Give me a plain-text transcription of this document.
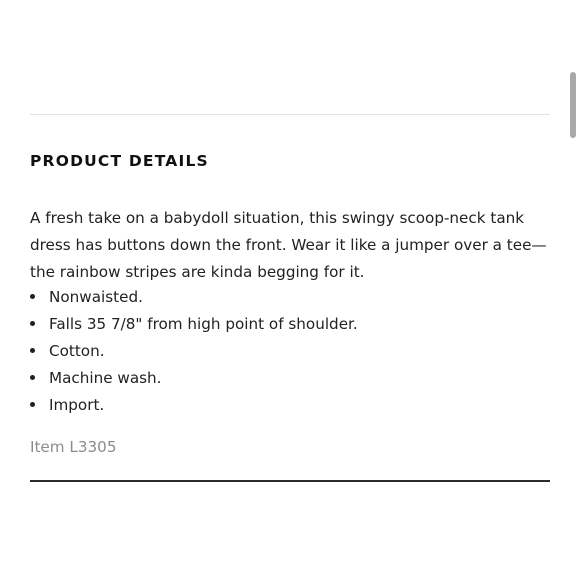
PRODUCT DETAILS

A fresh take on a babydoll situation, this swingy scoop-neck tank dress has buttons down the front. Wear it like a jumper over a tee—the rainbow stripes are kinda begging for it.

Nonwaisted.
Falls 35 7/8" from high point of shoulder.
Cotton.
Machine wash.
Import.

Item L3305
